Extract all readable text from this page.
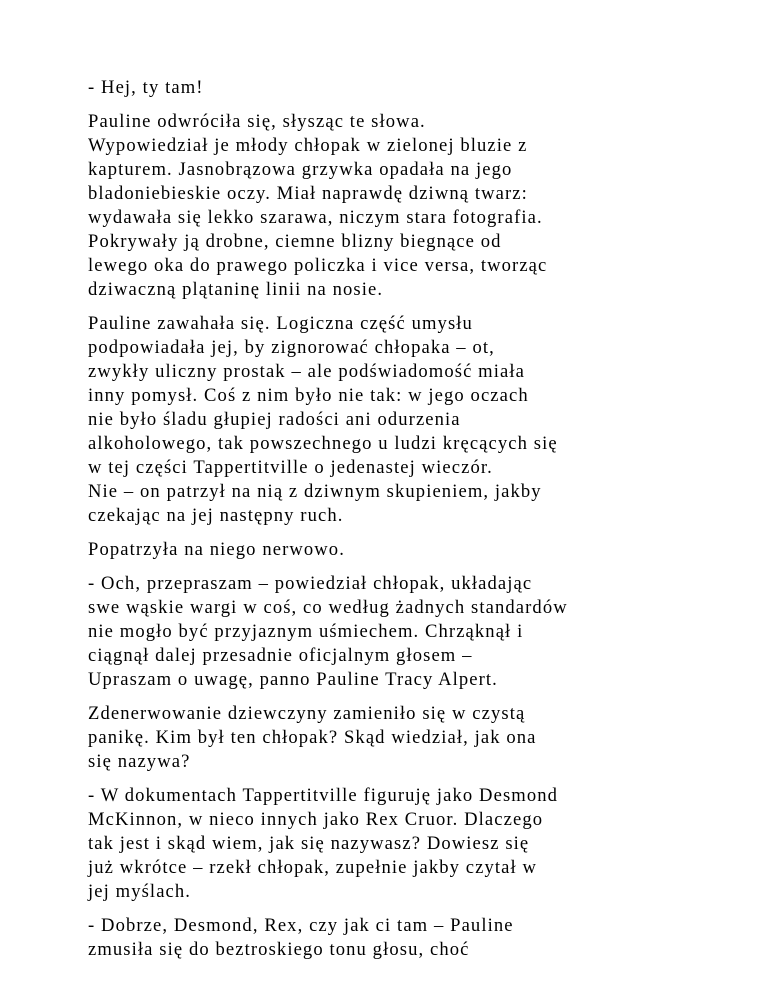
- Hej, ty tam!

Pauline odwróciła się, słysząc te słowa.
Wypowiedział je młody chłopak w zielonej bluzie z
kapturem. Jasnobrązowa grzywka opadała na jego
bladoniebieskie oczy. Miał naprawdę dziwną twarz:
wydawała się lekko szarawa, niczym stara fotografia.
Pokrywały ją drobne, ciemne blizny biegnące od
lewego oka do prawego policzka i vice versa, tworząc
dziwaczną plątaninę linii na nosie.

Pauline zawahała się. Logiczna część umysłu
podpowiadała jej, by zignorować chłopaka – ot,
zwykły uliczny prostak – ale podświadomość miała
inny pomysł. Coś z nim było nie tak: w jego oczach
nie było śladu głupiej radości ani odurzenia
alkoholowego, tak powszechnego u ludzi kręcących się
w tej części Tappertitville o jedenastej wieczór.
Nie – on patrzył na nią z dziwnym skupieniem, jakby
czekając na jej następny ruch.

Popatrzyła na niego nerwowo.

- Och, przepraszam – powiedział chłopak, układając
swe wąskie wargi w coś, co według żadnych standardów
nie mogło być przyjaznym uśmiechem. Chrząknął i
ciągnął dalej przesadnie oficjalnym głosem –
Upraszam o uwagę, panno Pauline Tracy Alpert.

Zdenerwowanie dziewczyny zamieniło się w czystą
panikę. Kim był ten chłopak? Skąd wiedział, jak ona
się nazywa?

- W dokumentach Tappertitville figuruję jako Desmond
McKinnon, w nieco innych jako Rex Cruor. Dlaczego
tak jest i skąd wiem, jak się nazywasz? Dowiesz się
już wkrótce – rzekł chłopak, zupełnie jakby czytał w
jej myślach.

- Dobrze, Desmond, Rex, czy jak ci tam – Pauline
zmusiła się do beztroskiego tonu głosu, choć
